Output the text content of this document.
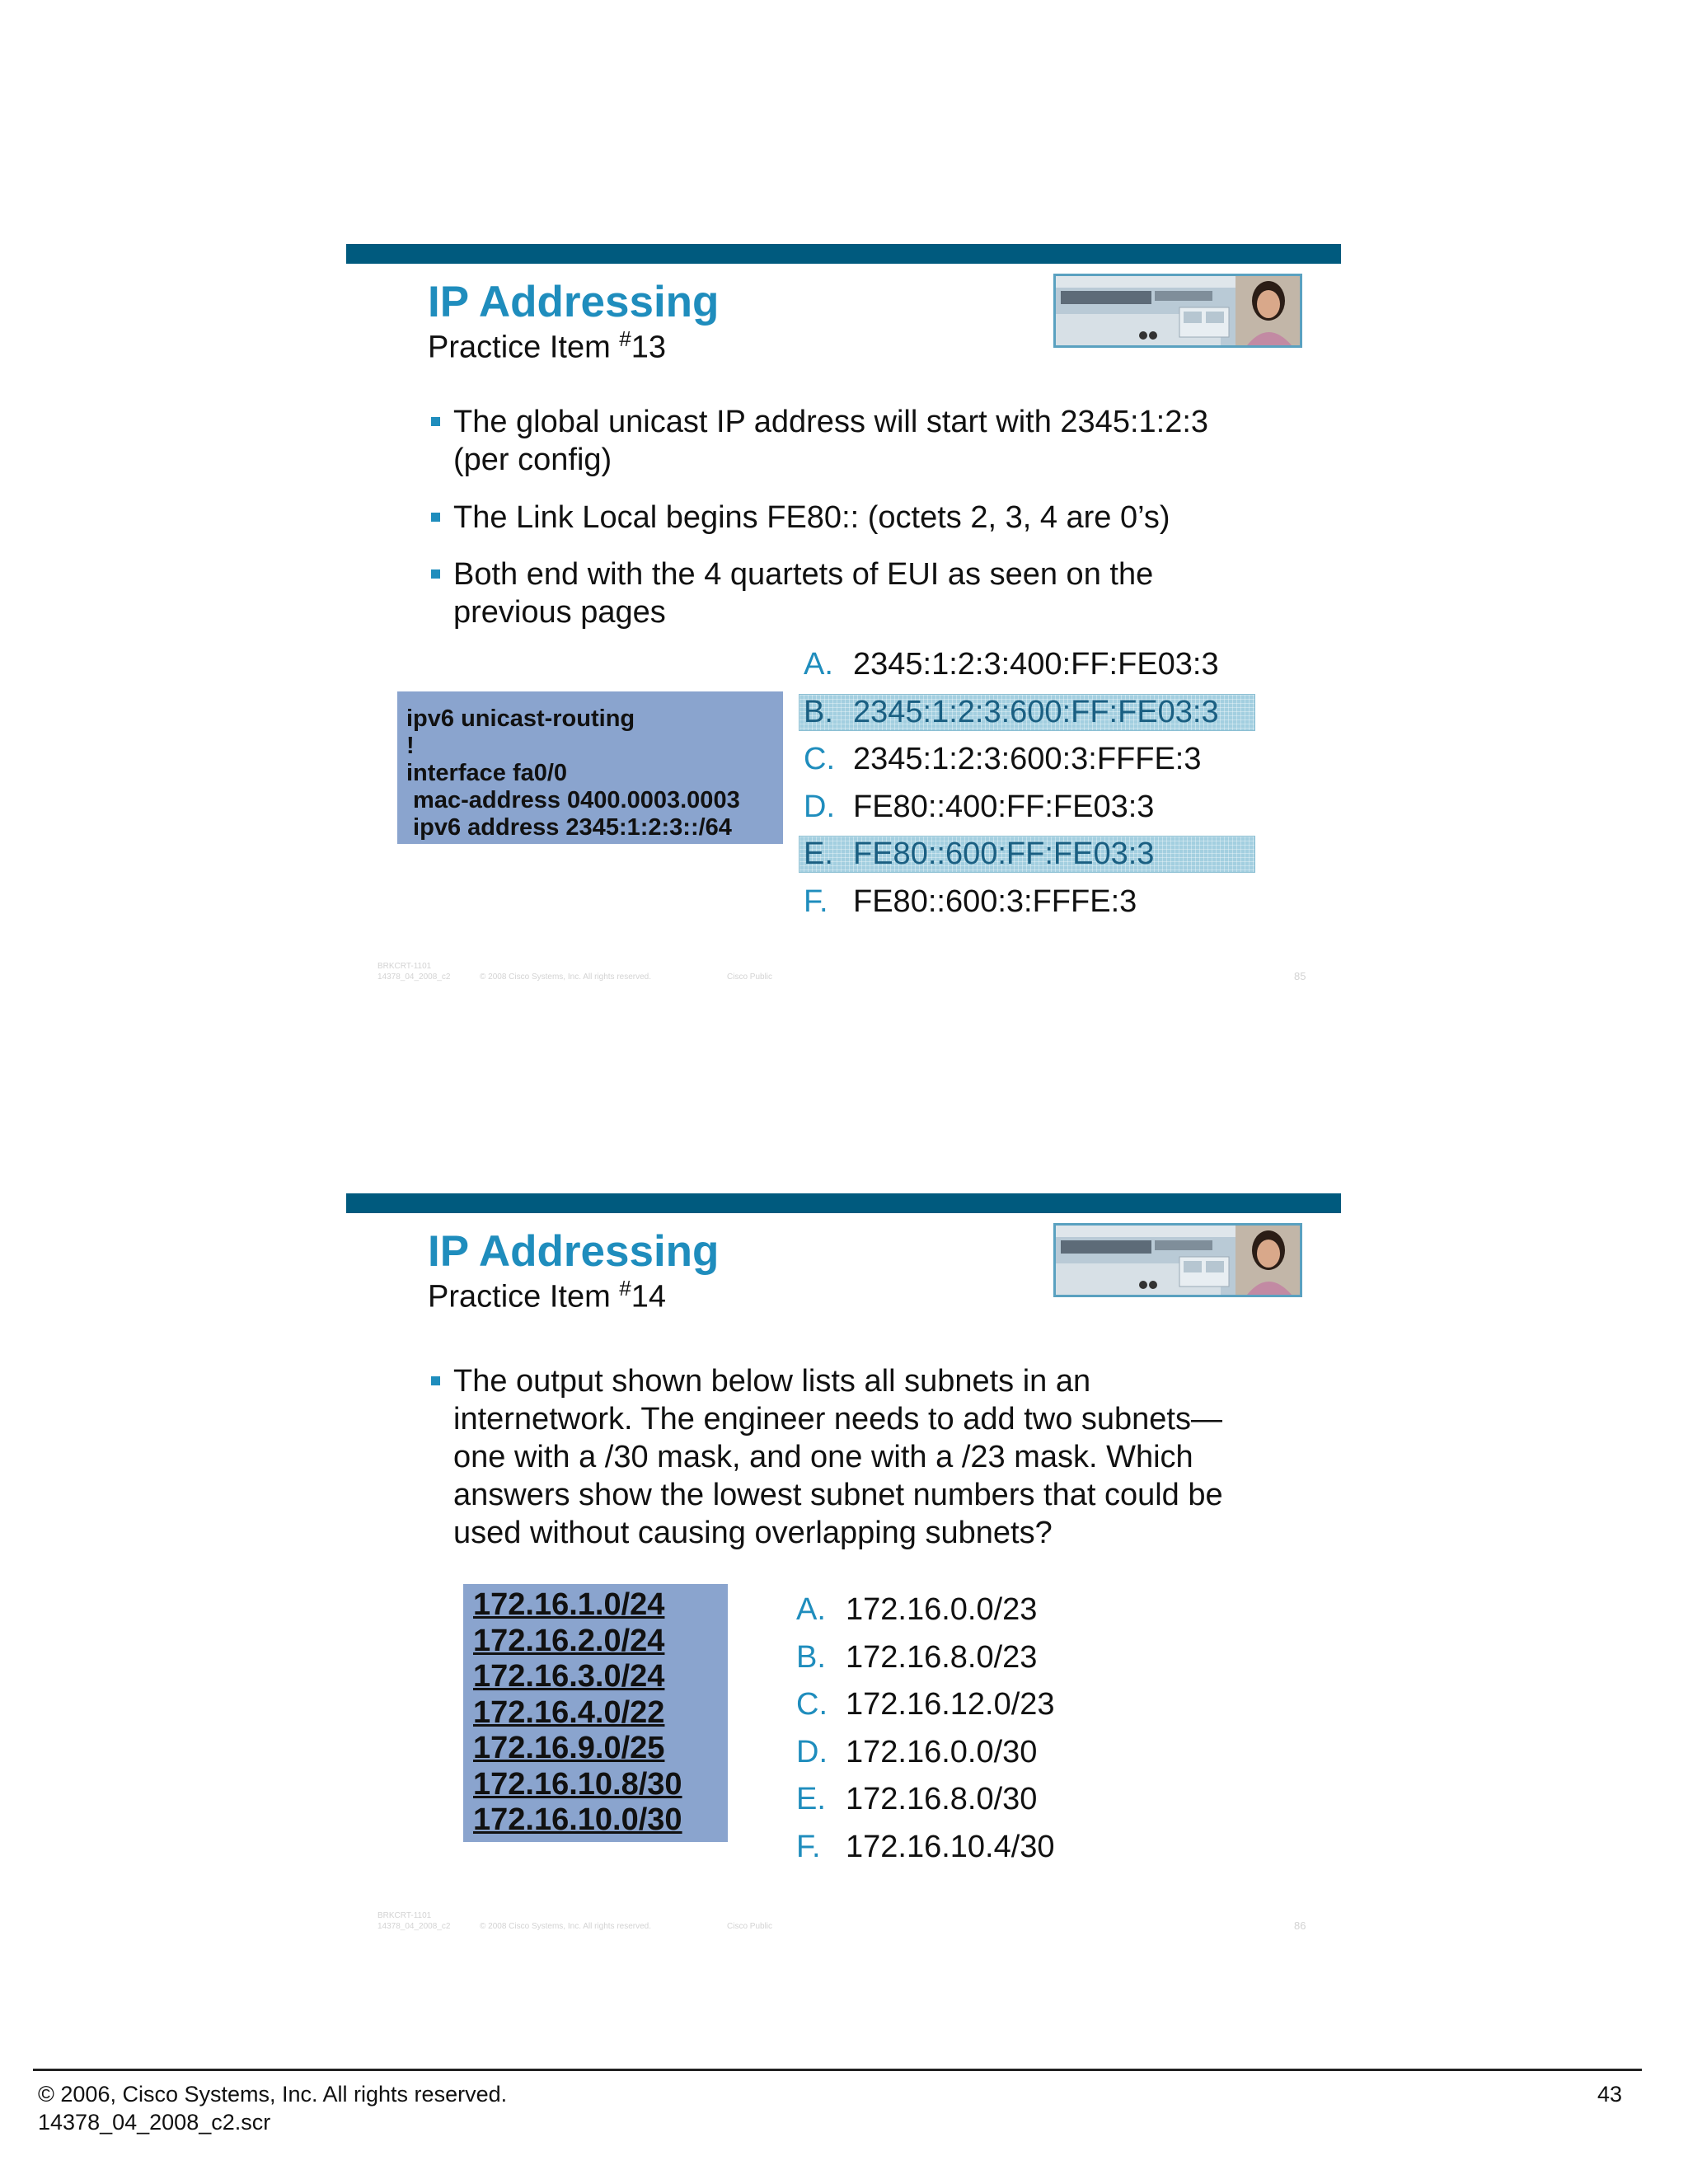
IP Addressing
Practice Item #13
The global unicast IP address will start with 2345:1:2:3 (per config)
The Link Local begins FE80:: (octets 2, 3, 4 are 0’s)
Both end with the 4 quartets of EUI as seen on the previous pages
ipv6 unicast-routing
!
interface fa0/0
mac-address 0400.0003.0003
ipv6 address 2345:1:2:3::/64
A. 2345:1:2:3:400:FF:FE03:3
B. 2345:1:2:3:600:FF:FE03:3
C. 2345:1:2:3:600:3:FFFE:3
D. FE80::400:FF:FE03:3
E. FE80::600:FF:FE03:3
F. FE80::600:3:FFFE:3
BRKCRT-1101
14378_04_2008_c2	© 2008 Cisco Systems, Inc. All rights reserved.	Cisco Public	85
IP Addressing
Practice Item #14
The output shown below lists all subnets in an internetwork. The engineer needs to add two subnets—one with a /30 mask, and one with a /23 mask. Which answers show the lowest subnet numbers that could be used without causing overlapping subnets?
172.16.1.0/24
172.16.2.0/24
172.16.3.0/24
172.16.4.0/22
172.16.9.0/25
172.16.10.8/30
172.16.10.0/30
A. 172.16.0.0/23
B. 172.16.8.0/23
C. 172.16.12.0/23
D. 172.16.0.0/30
E. 172.16.8.0/30
F. 172.16.10.4/30
BRKCRT-1101
14378_04_2008_c2	© 2008 Cisco Systems, Inc. All rights reserved.	Cisco Public	86
© 2006, Cisco Systems, Inc. All rights reserved.
14378_04_2008_c2.scr
43
